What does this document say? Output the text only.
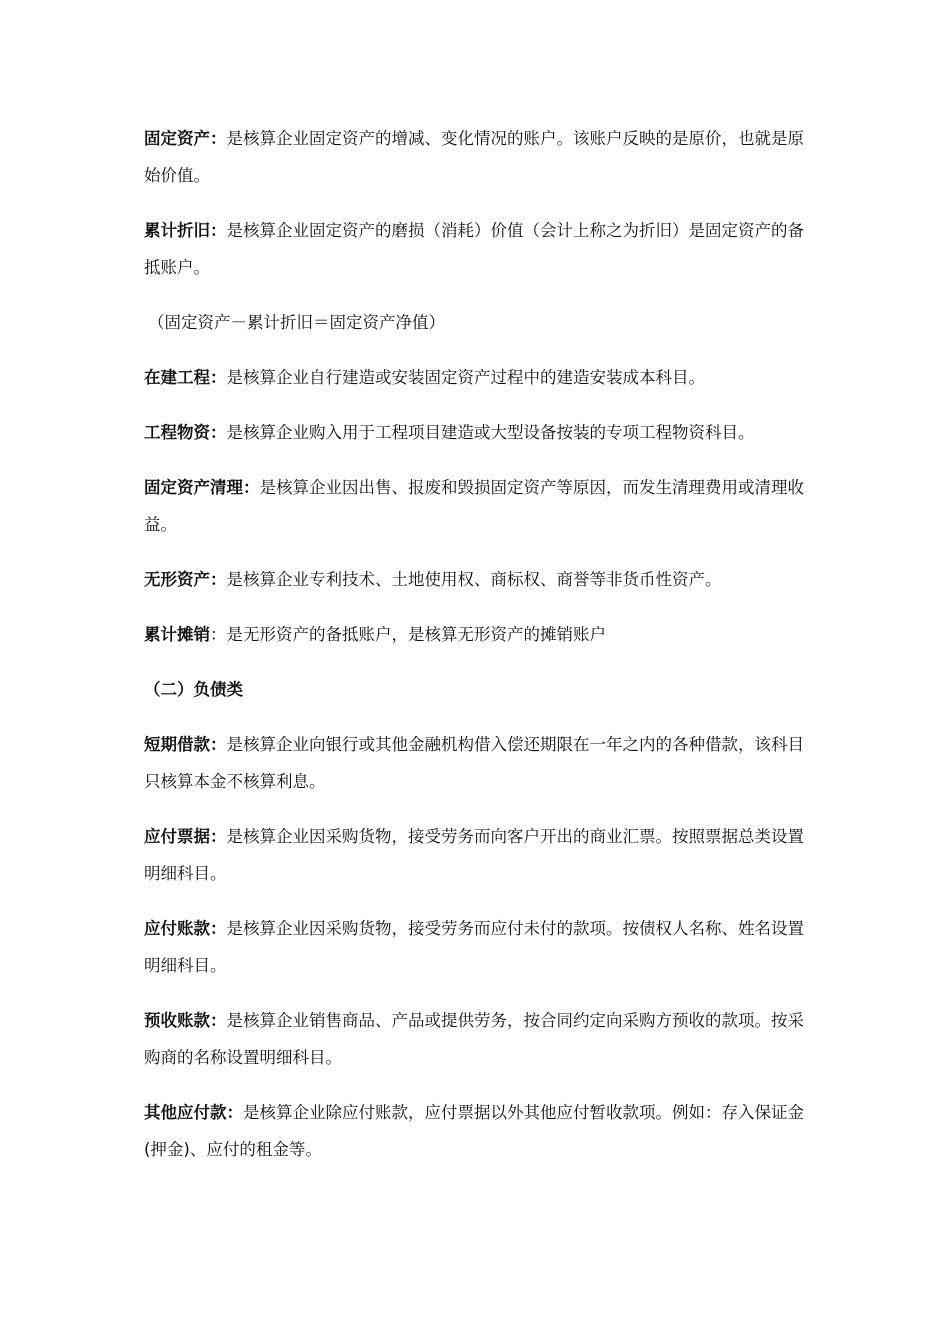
固定资产：是核算企业固定资产的增减、变化情况的账户。该账户反映的是原价，也就是原始价值。

累计折旧：是核算企业固定资产的磨损（消耗）价值（会计上称之为折旧）是固定资产的备抵账户。

（固定资产－累计折旧＝固定资产净值）

在建工程：是核算企业自行建造或安装固定资产过程中的建造安装成本科目。

工程物资：是核算企业购入用于工程项目建造或大型设备按装的专项工程物资科目。

固定资产清理：是核算企业因出售、报废和毁损固定资产等原因，而发生清理费用或清理收益。

无形资产：是核算企业专利技术、土地使用权、商标权、商誉等非货币性资产。

累计摊销：是无形资产的备抵账户，是核算无形资产的摊销账户

（二）负债类

短期借款：是核算企业向银行或其他金融机构借入偿还期限在一年之内的各种借款，该科目只核算本金不核算利息。

应付票据：是核算企业因采购货物，接受劳务而向客户开出的商业汇票。按照票据总类设置明细科目。

应付账款：是核算企业因采购货物，接受劳务而应付未付的款项。按债权人名称、姓名设置明细科目。

预收账款：是核算企业销售商品、产品或提供劳务，按合同约定向采购方预收的款项。按采购商的名称设置明细科目。

其他应付款：是核算企业除应付账款，应付票据以外其他应付暂收款项。例如：存入保证金(押金)、应付的租金等。
